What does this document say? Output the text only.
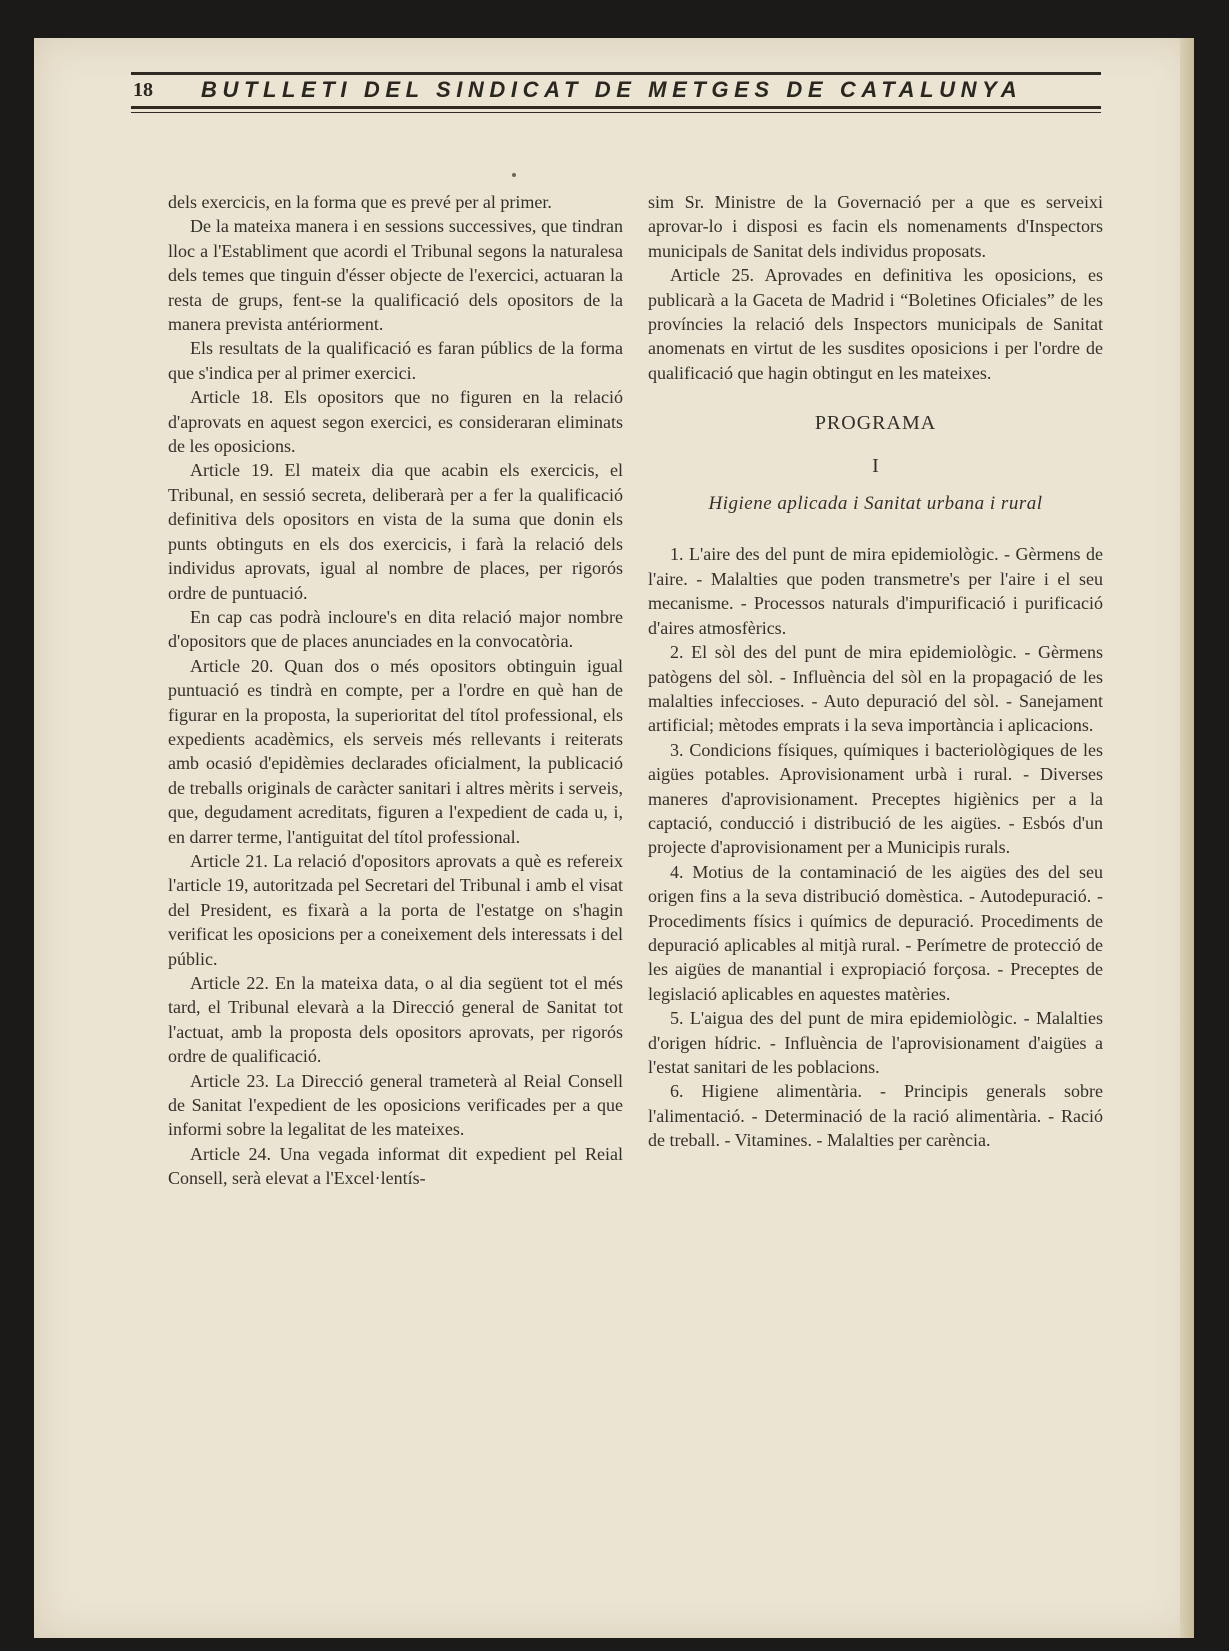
18 BUTLLETI DEL SINDICAT DE METGES DE CATALUNYA

dels exercicis, en la forma que es prevé per al primer.

De la mateixa manera i en sessions successives, que tindran lloc a l'Establiment que acordi el Tribunal segons la naturalesa dels temes que tinguin d'ésser objecte de l'exercici, actuaran la resta de grups, fent-se la qualificació dels opositors de la manera prevista antériorment.

Els resultats de la qualificació es faran públics de la forma que s'indica per al primer exercici.

Article 18. Els opositors que no figuren en la relació d'aprovats en aquest segon exercici, es consideraran eliminats de les oposicions.

Article 19. El mateix dia que acabin els exercicis, el Tribunal, en sessió secreta, deliberarà per a fer la qualificació definitiva dels opositors en vista de la suma que donin els punts obtinguts en els dos exercicis, i farà la relació dels individus aprovats, igual al nombre de places, per rigorós ordre de puntuació.

En cap cas podrà incloure's en dita relació major nombre d'opositors que de places anunciades en la convocatòria.

Article 20. Quan dos o més opositors obtinguin igual puntuació es tindrà en compte, per a l'ordre en què han de figurar en la proposta, la superioritat del títol professional, els expedients acadèmics, els serveis més rellevants i reiterats amb ocasió d'epidèmies declarades oficialment, la publicació de treballs originals de caràcter sanitari i altres mèrits i serveis, que, degudament acreditats, figuren a l'expedient de cada u, i, en darrer terme, l'antiguitat del títol professional.

Article 21. La relació d'opositors aprovats a què es refereix l'article 19, autoritzada pel Secretari del Tribunal i amb el visat del President, es fixarà a la porta de l'estatge on s'hagin verificat les oposicions per a coneixement dels interessats i del públic.

Article 22. En la mateixa data, o al dia següent tot el més tard, el Tribunal elevarà a la Direcció general de Sanitat tot l'actuat, amb la proposta dels opositors aprovats, per rigorós ordre de qualificació.

Article 23. La Direcció general trameterà al Reial Consell de Sanitat l'expedient de les oposicions verificades per a que informi sobre la legalitat de les mateixes.

Article 24. Una vegada informat dit expedient pel Reial Consell, serà elevat a l'Excel·lentís-

sim Sr. Ministre de la Governació per a que es serveixi aprovar-lo i disposi es facin els nomenaments d'Inspectors municipals de Sanitat dels individus proposats.

Article 25. Aprovades en definitiva les oposicions, es publicarà a la Gaceta de Madrid i “Boletines Oficiales” de les províncies la relació dels Inspectors municipals de Sanitat anomenats en virtut de les susdites oposicions i per l'ordre de qualificació que hagin obtingut en les mateixes.

PROGRAMA
I
Higiene aplicada i Sanitat urbana i rural

1. L'aire des del punt de mira epidemiològic. - Gèrmens de l'aire. - Malalties que poden transmetre's per l'aire i el seu mecanisme. - Processos naturals d'impurificació i purificació d'aires atmosfèrics.

2. El sòl des del punt de mira epidemiològic. - Gèrmens patògens del sòl. - Influència del sòl en la propagació de les malalties infeccioses. - Auto depuració del sòl. - Sanejament artificial; mètodes emprats i la seva importància i aplicacions.

3. Condicions físiques, químiques i bacteriològiques de les aigües potables. Aprovisionament urbà i rural. - Diverses maneres d'aprovisionament. Preceptes higiènics per a la captació, conducció i distribució de les aigües. - Esbós d'un projecte d'aprovisionament per a Municipis rurals.

4. Motius de la contaminació de les aigües des del seu origen fins a la seva distribució domèstica. - Autodepuració. - Procediments físics i químics de depuració. Procediments de depuració aplicables al mitjà rural. - Perímetre de protecció de les aigües de manantial i expropiació forçosa. - Preceptes de legislació aplicables en aquestes matèries.

5. L'aigua des del punt de mira epidemiològic. - Malalties d'origen hídric. - Influència de l'aprovisionament d'aigües a l'estat sanitari de les poblacions.

6. Higiene alimentària. - Principis generals sobre l'alimentació. - Determinació de la ració alimentària. - Ració de treball. - Vitamines. - Malalties per carència.
